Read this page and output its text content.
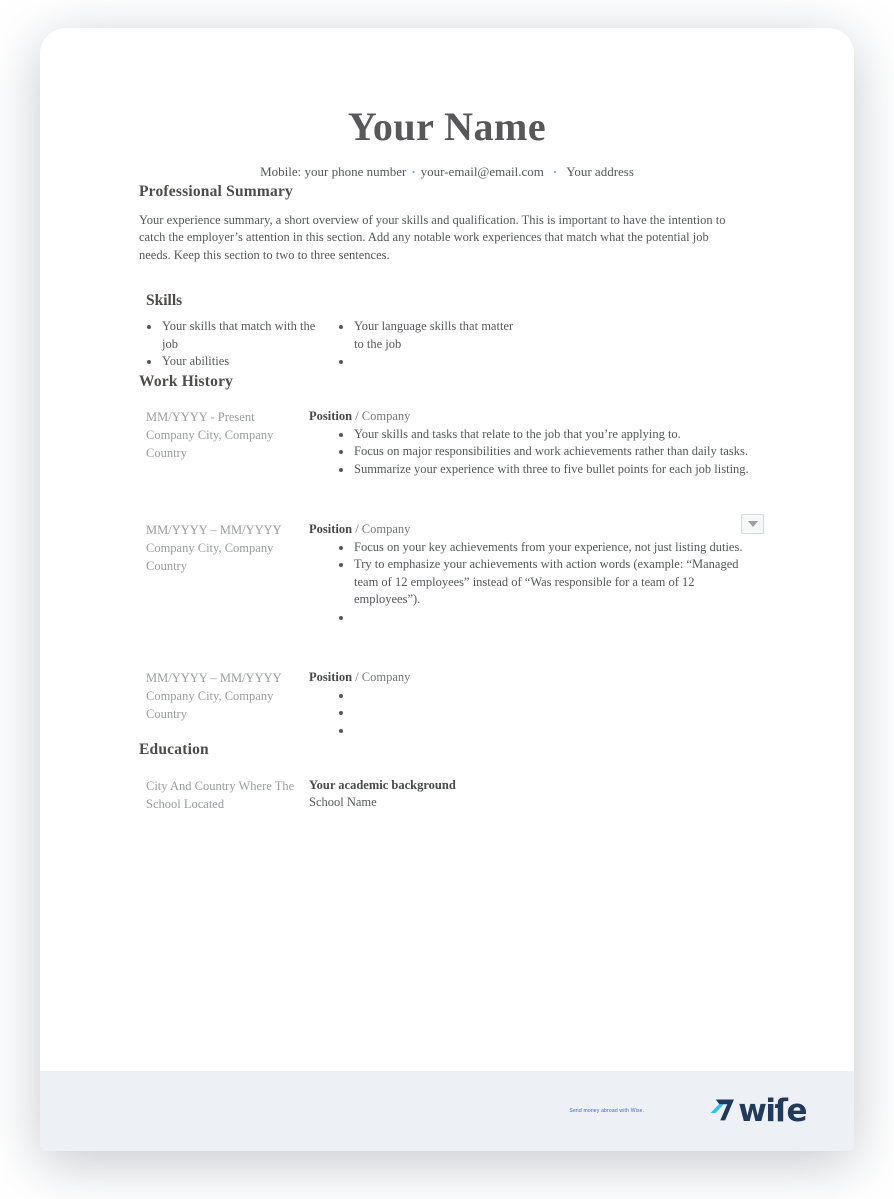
Your Name
Mobile: your phone number · your-email@email.com · Your address
Professional Summary

Your experience summary, a short overview of your skills and qualification. This is important to have the intention to catch the employer’s attention in this section. Add any notable work experiences that match what the potential job needs. Keep this section to two to three sentences.

Skills
• Your skills that match with the job
• Your abilities
• Your language skills that matter to the job
•
Work History
MM/YYYY - Present
Company City, Company Country
Position / Company
• Your skills and tasks that relate to the job that you’re applying to.
• Focus on major responsibilities and work achievements rather than daily tasks.
• Summarize your experience with three to five bullet points for each job listing.
MM/YYYY – MM/YYYY
Company City, Company Country
Position / Company
• Focus on your key achievements from your experience, not just listing duties.
• Try to emphasize your achievements with action words (example: “Managed team of 12 employees” instead of “Was responsible for a team of 12 employees”).
•
MM/YYYY – MM/YYYY
Company City, Company Country
Position / Company
•
•
•
Education
City And Country Where The School Located
Your academic background
School Name
Send money abroad with Wise.	wiſe
